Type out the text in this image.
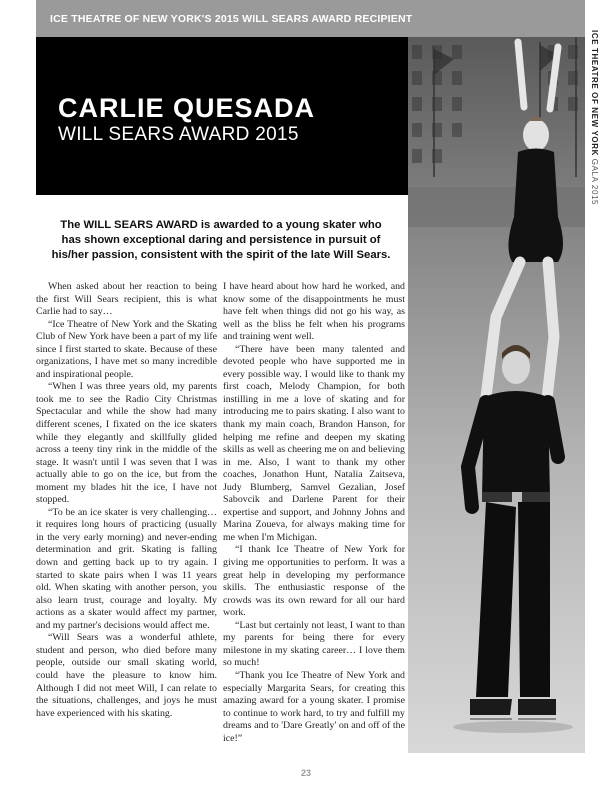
ICE THEATRE OF NEW YORK'S 2015 WILL SEARS AWARD RECIPIENT
CARLIE QUESADA
WILL SEARS AWARD 2015	ICE THEATRE OF NEW YORK GALA 2015
The WILL SEARS AWARD is awarded to a young skater who has shown exceptional daring and persistence in pursuit of his/her passion, consistent with the spirit of the late Will Sears.

When asked about her reaction to being the first Will Sears recipient, this is what Carlie had to say…

“Ice Theatre of New York and the Skating Club of New York have been a part of my life since I first started to skate. Because of these organizations, I have met so many incredible and inspirational people.

“When I was three years old, my parents took me to see the Radio City Christmas Spectacular and while the show had many different scenes, I fixated on the ice skaters while they elegantly and skillfully glided across a teeny tiny rink in the middle of the stage. It wasn't until I was seven that I was actually able to go on the ice, but from the moment my blades hit the ice, I have not stopped.

“To be an ice skater is very challenging… it requires long hours of practicing (usually in the very early morning) and never-ending determination and grit. Skating is falling down and getting back up to try again. I started to skate pairs when I was 11 years old. When skating with another person, you also learn trust, courage and loyalty. My actions as a skater would affect my partner, and my partner's decisions would affect me.

“Will Sears was a wonderful athlete, student and person, who died before many people, outside our small skating world, could have the pleasure to know him. Although I did not meet Will, I can relate to the situations, challenges, and joys he must have experienced with his skating.

I have heard about how hard he worked, and know some of the disappointments he must have felt when things did not go his way, as well as the bliss he felt when his programs and training went well.

“There have been many talented and devoted people who have supported me in every possible way. I would like to thank my first coach, Melody Champion, for both instilling in me a love of skating and for introducing me to pairs skating. I also want to thank my main coach, Brandon Hanson, for helping me refine and deepen my skating skills as well as cheering me on and believing in me. Also, I want to thank my other coaches, Jonathon Hunt, Natalia Zaitseva, Judy Blumberg, Samvel Gezalian, Josef Sabovcik and Darlene Parent for their expertise and support, and Johnny Johns and Marina Zoueva, for always making time for me when I'm Michigan.

“I thank Ice Theatre of New York for giving me opportunities to perform. It was a great help in developing my performance skills. The enthusiastic response of the crowds was its own reward for all our hard work.

“Last but certainly not least, I want to than my parents for being there for every milestone in my skating career… I love them so much!

“Thank you Ice Theatre of New York and especially Margarita Sears, for creating this amazing award for a young skater. I promise to continue to work hard, to try and fulfill my dreams and to 'Dare Greatly' on and off of the ice!”

23
